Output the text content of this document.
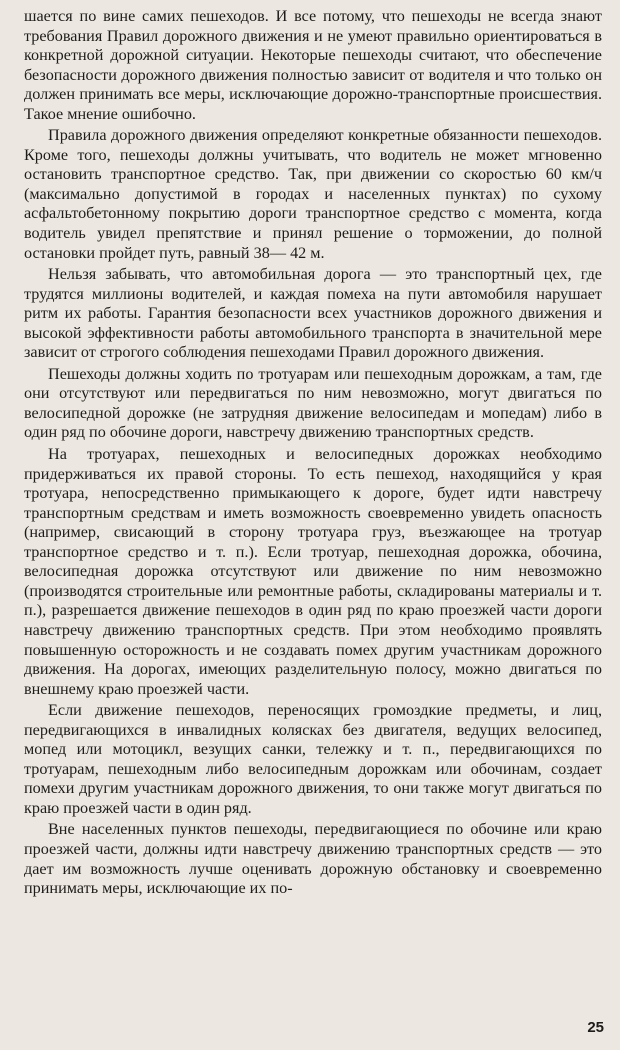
шается по вине самих пешеходов. И все потому, что пешеходы не всегда знают требования Правил дорожного движения и не умеют правильно ориентироваться в конкретной дорожной ситуации. Некоторые пешеходы считают, что обеспечение безопасности дорожного движения полностью зависит от водителя и что только он должен принимать все меры, исключающие дорожно-транспортные происшествия. Такое мнение ошибочно.

Правила дорожного движения определяют конкретные обязанности пешеходов. Кроме того, пешеходы должны учитывать, что водитель не может мгновенно остановить транспортное средство. Так, при движении со скоростью 60 км/ч (максимально допустимой в городах и населенных пунктах) по сухому асфальтобетонному покрытию дороги транспортное средство с момента, когда водитель увидел препятствие и принял решение о торможении, до полной остановки пройдет путь, равный 38— 42 м.

Нельзя забывать, что автомобильная дорога — это транспортный цех, где трудятся миллионы водителей, и каждая помеха на пути автомобиля нарушает ритм их работы. Гарантия безопасности всех участников дорожного движения и высокой эффективности работы автомобильного транспорта в значительной мере зависит от строгого соблюдения пешеходами Правил дорожного движения.

Пешеходы должны ходить по тротуарам или пешеходным дорожкам, а там, где они отсутствуют или передвигаться по ним невозможно, могут двигаться по велосипедной дорожке (не затрудняя движение велосипедам и мопедам) либо в один ряд по обочине дороги, навстречу движению транспортных средств.

На тротуарах, пешеходных и велосипедных дорожках необходимо придерживаться их правой стороны. То есть пешеход, находящийся у края тротуара, непосредственно примыкающего к дороге, будет идти навстречу транспортным средствам и иметь возможность своевременно увидеть опасность (например, свисающий в сторону тротуара груз, въезжающее на тротуар транспортное средство и т. п.). Если тротуар, пешеходная дорожка, обочина, велосипедная дорожка отсутствуют или движение по ним невозможно (производятся строительные или ремонтные работы, складированы материалы и т. п.), разрешается движение пешеходов в один ряд по краю проезжей части дороги навстречу движению транспортных средств. При этом необходимо проявлять повышенную осторожность и не создавать помех другим участникам дорожного движения. На дорогах, имеющих разделительную полосу, можно двигаться по внешнему краю проезжей части.

Если движение пешеходов, переносящих громоздкие предметы, и лиц, передвигающихся в инвалидных колясках без двигателя, ведущих велосипед, мопед или мотоцикл, везущих санки, тележку и т. п., передвигающихся по тротуарам, пешеходным либо велосипедным дорожкам или обочинам, создает помехи другим участникам дорожного движения, то они также могут двигаться по краю проезжей части в один ряд.

Вне населенных пунктов пешеходы, передвигающиеся по обочине или краю проезжей части, должны идти навстречу движению транспортных средств — это дает им возможность лучше оценивать дорожную обстановку и своевременно принимать меры, исключающие их по-

25
